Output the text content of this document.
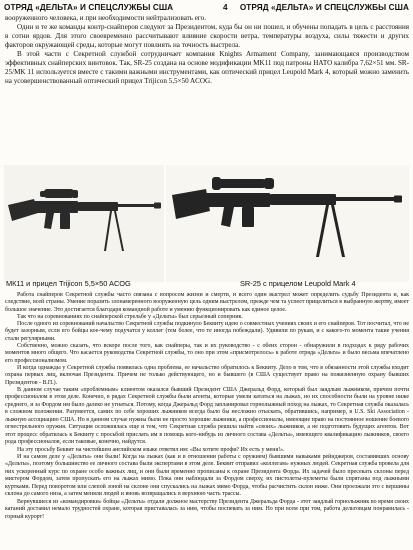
ОТРЯД «ДЕЛЬТА» И СПЕЦСЛУЖБЫ США	4 ОТРЯД «ДЕЛЬТА» И СПЕЦСЛУЖБЫ США

вооруженного человека, и при необходимости нейтрализовать его.

Один и те же команды контр-снайперов следуют за Президентом, куда бы он ни пошел, и обучены попадать в цель с расстояния в сотни ярдов. Для этого своевременно рассчитывают влияние скорости ветра, температуры воздуха, силы тяжести и других факторов окружающей среды, которые могут повлиять на точность выстрела.

В этой части с Секретной службой сотрудничает компания Knights Armament Company, занимающаяся производством эффективных снайперских винтовок. Так, SR-25 создана на основе модификации MK11 под патроны НАТО калибра 7,62×51 мм. SR-25/MK 11 используется вместе с такими важными инструментами, как оптический прицел Leupold Mark 4, который можно заменить на усовершенствованный оптический прицел Trijicon 5,5×50 ACOG.

МК11 и прицел Trijicon 5,5×50 ACOG	SR-25 с прицелом Leupold Mark 4

Работа снайперов Секретной службы часто связана с вопросом жизни и смерти, и всего один выстрел может определить судьбу Президента и, как следствие, всей страны. Умение поразить злонамеренного вооруженную цель одним выстрелом, прежде чем та успеет прицелиться в выбранную жертву, имеет большое значение. Это достигается благодаря командной работе и умению функционировать как единое целое.

Так что на соревнованиях по снайперской стрельбе у «Дельты» был серьезный соперник.

После одного из соревнований начальство Секретной службы подкинуло Беквиту идею о совместных учениях своих и его снайперов. Тот посчитал, что не будет зазорным, если его бойцы кое-чему подучатся у коллег (тем более, что те иногда побеждали). Удивили по рукам, и с какого-то момента такие учения стали регулярными.

Собственно, можно сказать, что вскоре после того, как снайперы, так и их руководство - с обеих сторон - обнаружили в подходах к ряду рабочих моментов много общего. Что касается руководства Секретной службы, то оно при этом «присмотрелось» к работе отряда «Дельта» и было весьма впечатлено его профессионализмом.

И когда однажды у Секретной службы появилась одна проблема, ее начальство обратилось к Беквиту. Дело в том, что в обязанности этой службы входит охрана первых лиц, включая Президента. Причем не только действующего, но и бывшего (в США существует право на пожизненную охрану бывших Президентов - В.П.).

В данном случае таким «проблемным» клиентом оказался бывший Президент США Джеральд Форд, который был заядлым лыжником, причем почти профессионалом в этом деле. Конечно, в рядах Секретной службы были агенты, которые умели кататься на лыжах, но их способности были на уровне ниже среднего, и за Фордом им было далеко не угнаться. Потому, когда Джеральд Форд запланировал горнолыжный поход на лыжах, то Секретная служба оказалась в сложном положении. Разумеется, самих по себе хороших лыжников всегда было бы несложно отыскать, обратившись, например, в U.S. Ski Association - лыжную ассоциацию США. Но в данном случае нужны были не просто хорошие лыжники, а профессионалы, имеющие право на постоянное ношение боевого огнестрельного оружия. Ситуация осложнялась еще и тем, что Секретная служба решила найти «своих» лыжников, а не подготовить будущих агентов. Вот этот процесс обратилась к Беквиту с просьбой прислать им в помощь кого-нибудь из личного состава «Дельты», имеющего квалификацию лыжников, своего рода профессионалов, если таковые, конечно, найдутся.

На эту просьбу Беквит на чистейшем английском языке ответил им: «Вы хотите профи? Их есть у меня!».

И на самом деле у «Дельты» они были! Когда на лыжах (как и в отношении работы с оружием) бывшими навыками рейнджеров, составивших основу «Дельты», поэтому большинство ее личного состава были экспертами в этом деле. Беквит отправил «коллегам» нужных людей. Секретная служба провела для них ускоренный курс по охране особо важных лиц, и они были временно прописаны к охране Президента Форда. Их задачей было пресекать склоны перед мистером Фордом, затем пропускать его на лыжах мимо. Пока они наблюдали за Фордом сверху, их пистолеты-пулеметы были спрятаны под лыжными куртками. Перед поворотом или слепой зоной на склоне они спускались на лыжах мимо Форда, чтобы расчистить склон ниже. Они проезжали это с вершины склона до самого низа, а затем меняли людей и вновь возвращались в верхнюю часть трассы.

Вернувшиеся из «командировки» бойцы «Дельты» отдали должное мастерству Президента Джеральда Форда - этот заядлый горнолыжник во время своих катаний доставил немало трудностей охране, которая приставалась за ним, чтобы поспевать за ним. Но при всем при том, работа дельтовцам понравилась - горный курорт!
